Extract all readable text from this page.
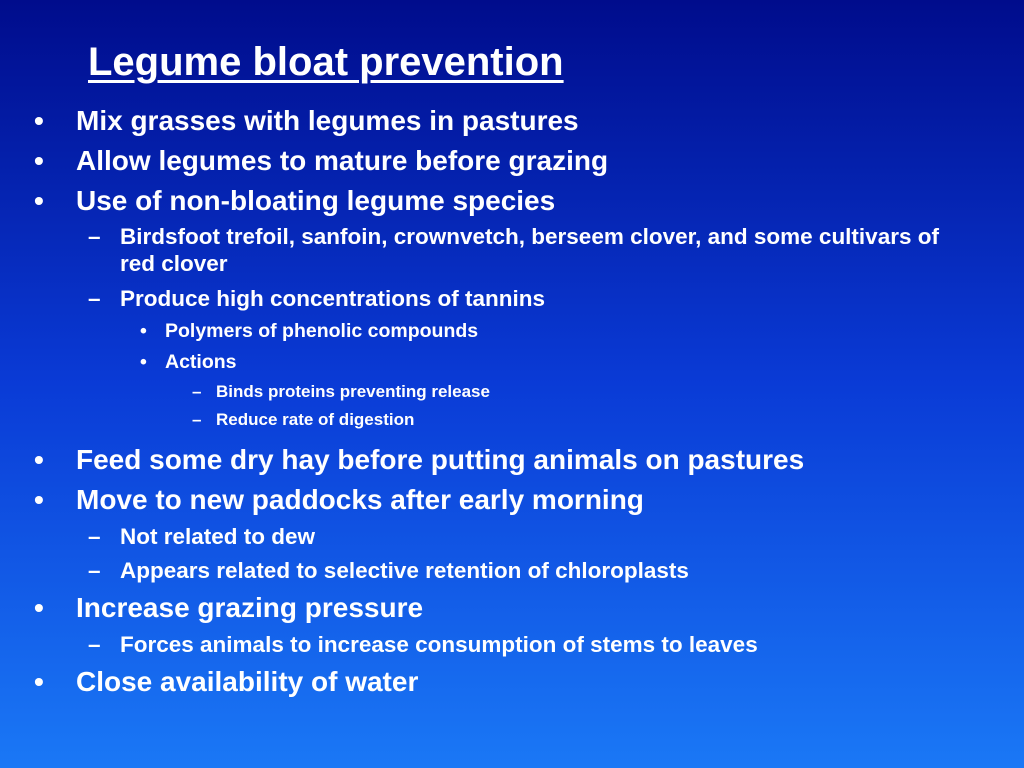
Legume bloat prevention
• Mix grasses with legumes in pastures
• Allow legumes to mature before grazing
• Use of non-bloating legume species
– Birdsfoot trefoil, sanfoin, crownvetch, berseem clover, and some cultivars of red clover
– Produce high concentrations of tannins
• Polymers of phenolic compounds
• Actions
– Binds proteins preventing release
– Reduce rate of digestion
• Feed some dry hay before putting animals on pastures
• Move to new paddocks after early morning
– Not related to dew
– Appears related to selective retention of chloroplasts
• Increase grazing pressure
– Forces animals to increase consumption of stems to leaves
• Close availability of water
